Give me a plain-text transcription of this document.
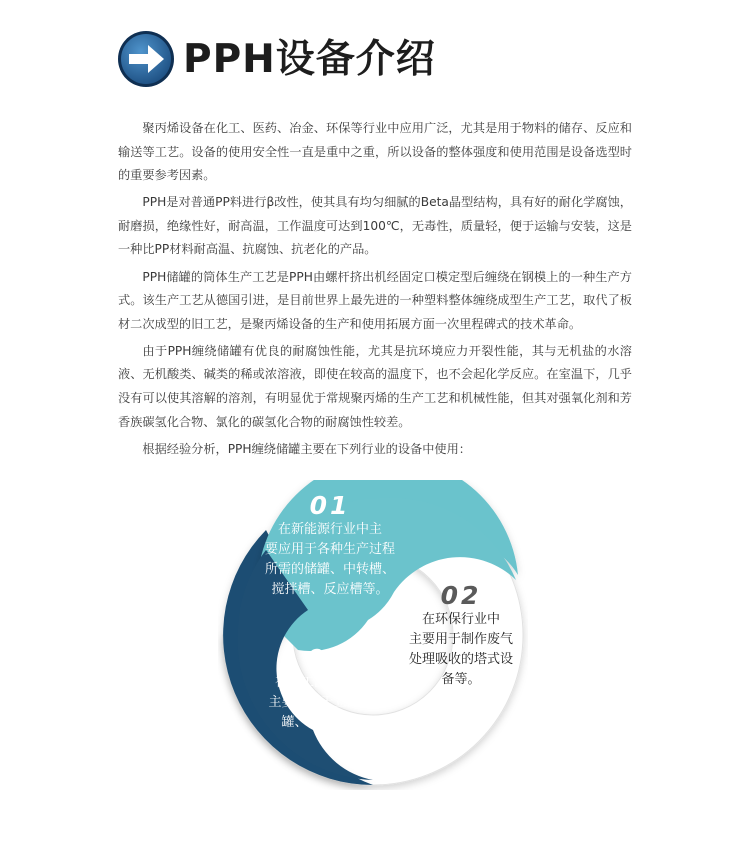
PPH设备介绍

聚丙烯设备在化工、医药、冶金、环保等行业中应用广泛，尤其是用于物料的储存、反应和输送等工艺。设备的使用安全性一直是重中之重，所以设备的整体强度和使用范围是设备选型时的重要参考因素。

PPH是对普通PP料进行β改性，使其具有均匀细腻的Beta晶型结构，具有好的耐化学腐蚀，耐磨损，绝缘性好，耐高温，工作温度可达到100℃，无毒性，质量轻，便于运输与安装，这是一种比PP材料耐高温、抗腐蚀、抗老化的产品。

PPH储罐的筒体生产工艺是PPH由螺杆挤出机经固定口模定型后缠绕在钢模上的一种生产方式。该生产工艺从德国引进，是目前世界上最先进的一种塑料整体缠绕成型生产工艺，取代了板材二次成型的旧工艺，是聚丙烯设备的生产和使用拓展方面一次里程碑式的技术革命。

由于PPH缠绕储罐有优良的耐腐蚀性能，尤其是抗环境应力开裂性能，其与无机盐的水溶液、无机酸类、碱类的稀或浓溶液，即使在较高的温度下，也不会起化学反应。在室温下，几乎没有可以使其溶解的溶剂，有明显优于常规聚丙烯的生产工艺和机械性能，但其对强氧化剂和芳香族碳氢化合物、氯化的碳氢化合物的耐腐蚀性较差。

根据经验分析，PPH缠绕储罐主要在下列行业的设备中使用：

01
在新能源行业中主
要应用于各种生产过程
所需的储罐、中转槽、
搅拌槽、反应槽等。	02
在环保行业中
主要用于制作废气
处理吸收的塔式设
备等。
03
在化工医药行业中
主要应用于立卧式储
罐、计量罐等。
